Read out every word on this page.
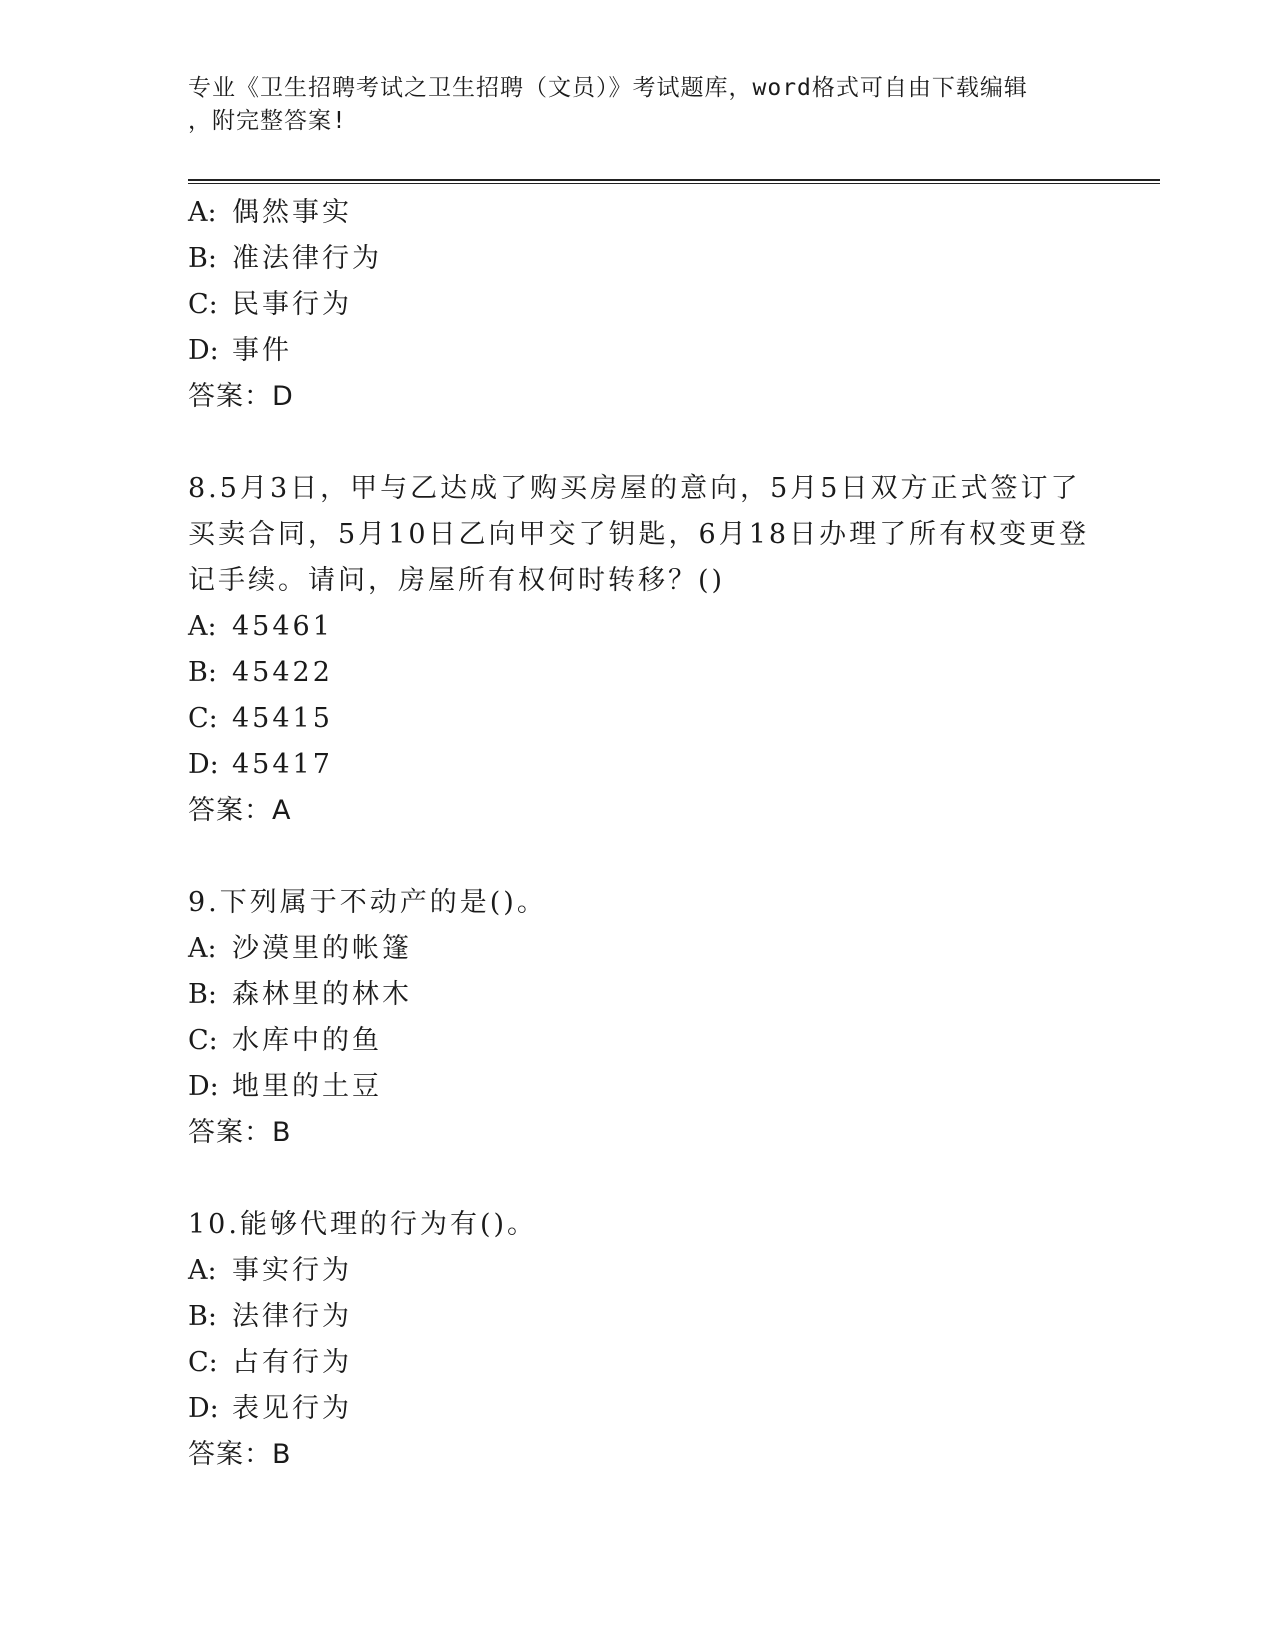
专业《卫生招聘考试之卫生招聘（文员）》考试题库，word格式可自由下载编辑
，附完整答案!
A: 偶然事实
B: 准法律行为
C: 民事行为
D: 事件
答案：D
8.5月3日，甲与乙达成了购买房屋的意向，5月5日双方正式签订了
买卖合同，5月10日乙向甲交了钥匙，6月18日办理了所有权变更登
记手续。请问，房屋所有权何时转移？()
A: 45461
B: 45422
C: 45415
D: 45417
答案：A
9.下列属于不动产的是()。
A: 沙漠里的帐篷
B: 森林里的林木
C: 水库中的鱼
D: 地里的土豆
答案：B
10.能够代理的行为有()。
A: 事实行为
B: 法律行为
C: 占有行为
D: 表见行为
答案：B
